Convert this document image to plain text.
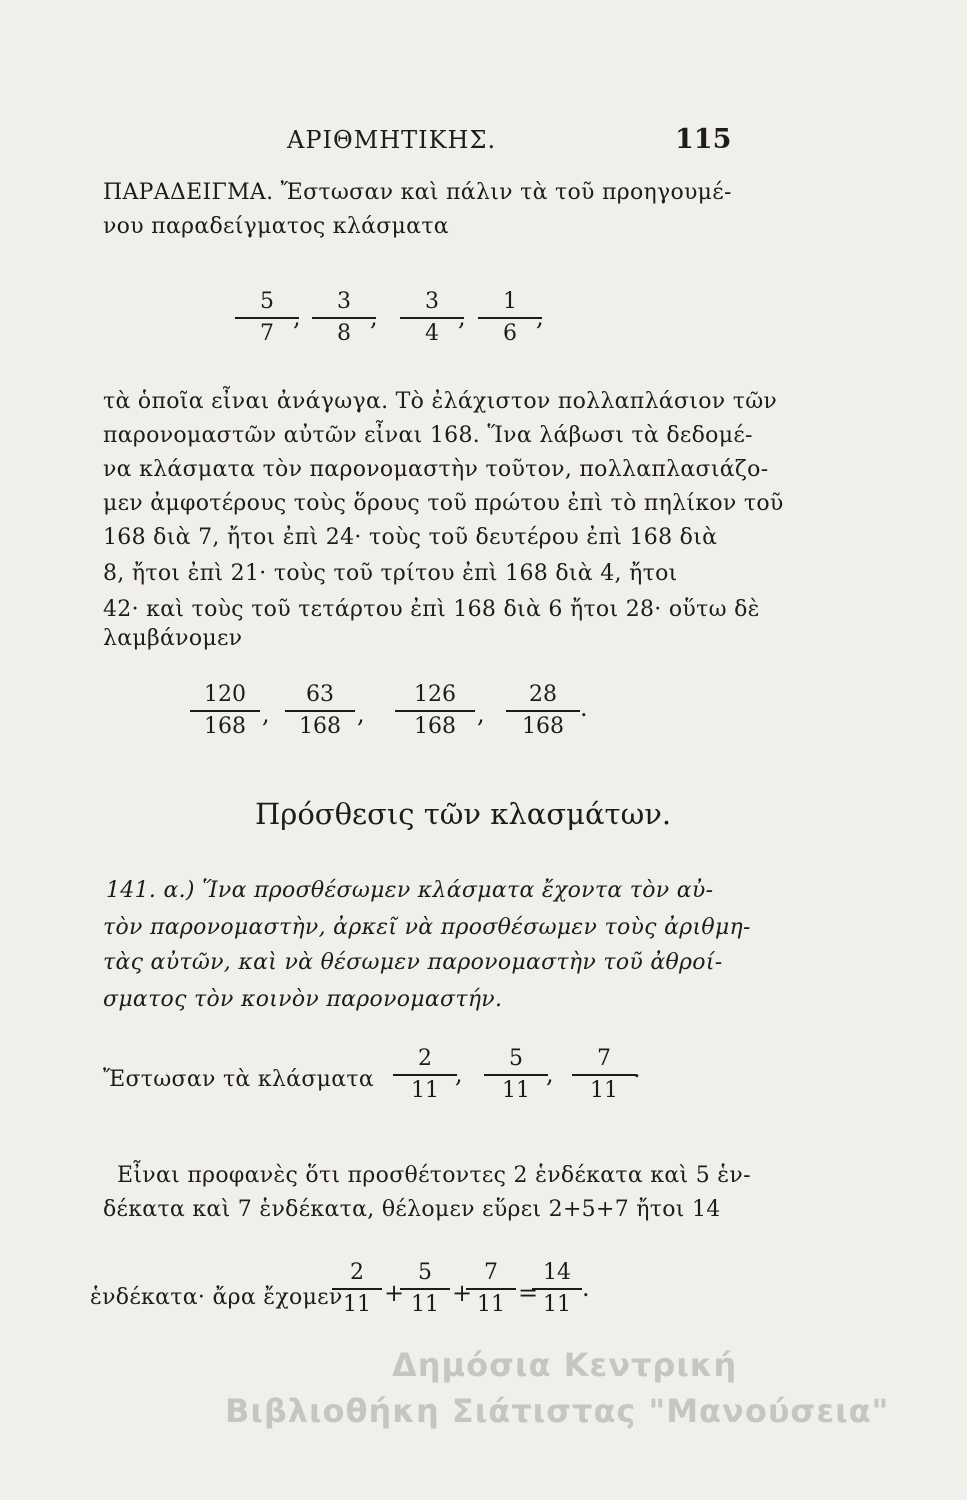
ΑΡΙΘΜΗΤΙΚΗΣ.	115
ΠΑΡΑΔΕΙΓΜΑ. Ἔστωσαν καὶ πάλιν τὰ τοῦ προηγουμέ-
νου παραδείγματος κλάσματα
5
7
,
3
8
,
3
4
,
1
6
,
τὰ ὁποῖα εἶναι ἀνάγωγα. Τὸ ἐλάχιστον πολλαπλάσιον τῶν
παρονομαστῶν αὐτῶν εἶναι 168. Ἵνα λάβωσι τὰ δεδομέ-
να κλάσματα τὸν παρονομαστὴν τοῦτον, πολλαπλασιάζο-
μεν ἀμφοτέρους τοὺς ὅρους τοῦ πρώτου ἐπὶ τὸ πηλίκον τοῦ
168 διὰ 7, ἤτοι ἐπὶ 24· τοὺς τοῦ δευτέρου ἐπὶ 168 διὰ
8, ἤτοι ἐπὶ 21· τοὺς τοῦ τρίτου ἐπὶ 168 διὰ 4, ἤτοι
42· καὶ τοὺς τοῦ τετάρτου ἐπὶ 168 διὰ 6 ἤτοι 28· οὕτω δὲ
λαμβάνομεν
120
168 ,
63
168 ,
126
168 ,
28
168
.
Πρόσθεσις τῶν κλασμάτων.
141. α.) Ἵνα προσθέσωμεν κλάσματα ἔχοντα τὸν αὐ-
τὸν παρονομαστὴν, ἀρκεῖ νὰ προσθέσωμεν τοὺς ἀριθμη-
τὰς αὐτῶν, καὶ νὰ θέσωμεν παρονομαστὴν τοῦ ἀθροί-
σματος τὸν κοινὸν παρονομαστήν.
Ἔστωσαν τὰ κλάσματα
2
11
,
5
11
,
7
11
.
Εἶναι προφανὲς ὅτι προσθέτοντες 2 ἑνδέκατα καὶ 5 ἑν-
δέκατα καὶ 7 ἑνδέκατα, θέλομεν εὕρει 2+5+7 ἤτοι 14
ἑνδέκατα· ἄρα ἔχομεν
2
11 +
5
11 +
7
11 =
14
11
.
Δημόσια Κεντρική
Βιβλιοθήκη Σιάτιστας "Μανούσεια"
